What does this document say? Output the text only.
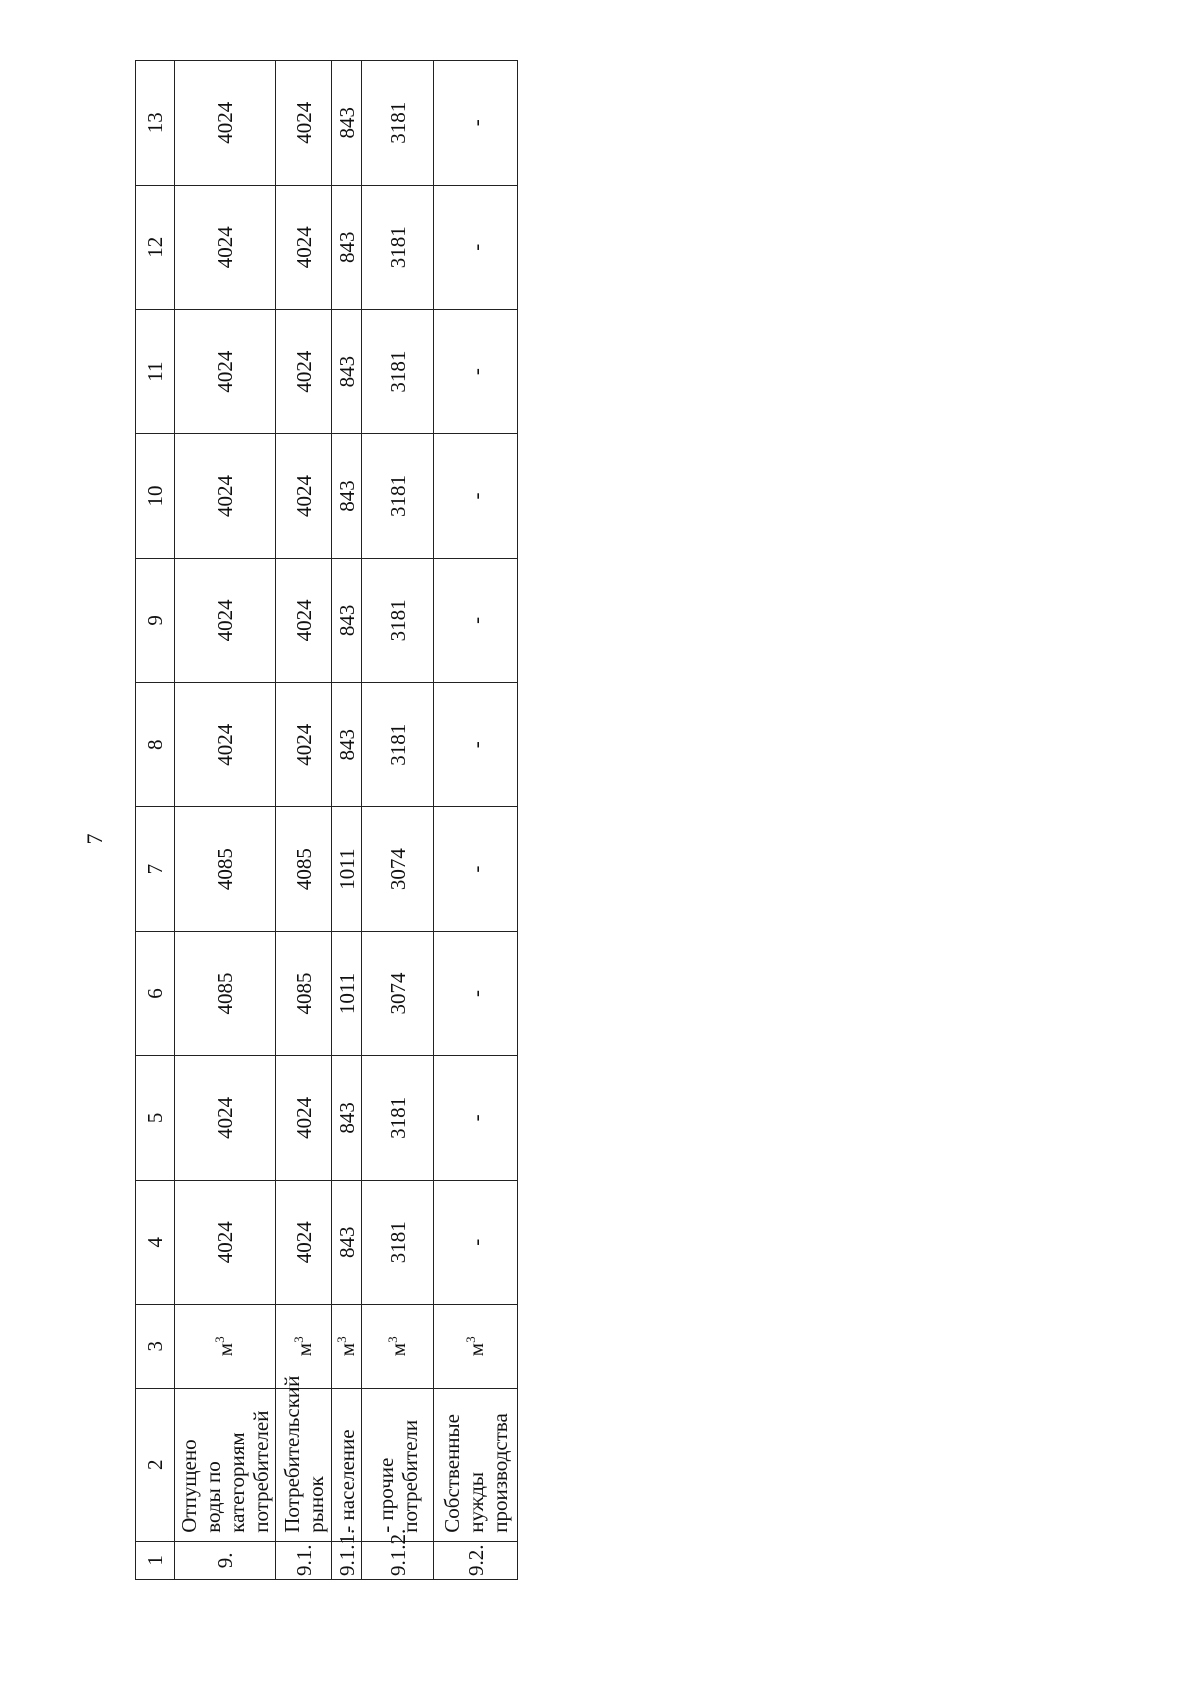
7
1	2	3	4	5	6	7	8	9	10	11	12	13
9.	Отпущено воды по категориям потребителей	$м^3$	4024	4024	4085	4085	4024	4024	4024	4024	4024	4024
9.1.	Потребительский рынок	$м^3$	4024	4024	4085	4085	4024	4024	4024	4024	4024	4024
9.1.1.	- население	$м^3$	843	843	1011	1011	843	843	843	843	843	843
9.1.2.	- прочие потребители	$м^3$	3181	3181	3074	3074	3181	3181	3181	3181	3181	3181
9.2.	Собственные нужды производства	$м^3$	-	-	-	-	-	-	-	-	-	-
